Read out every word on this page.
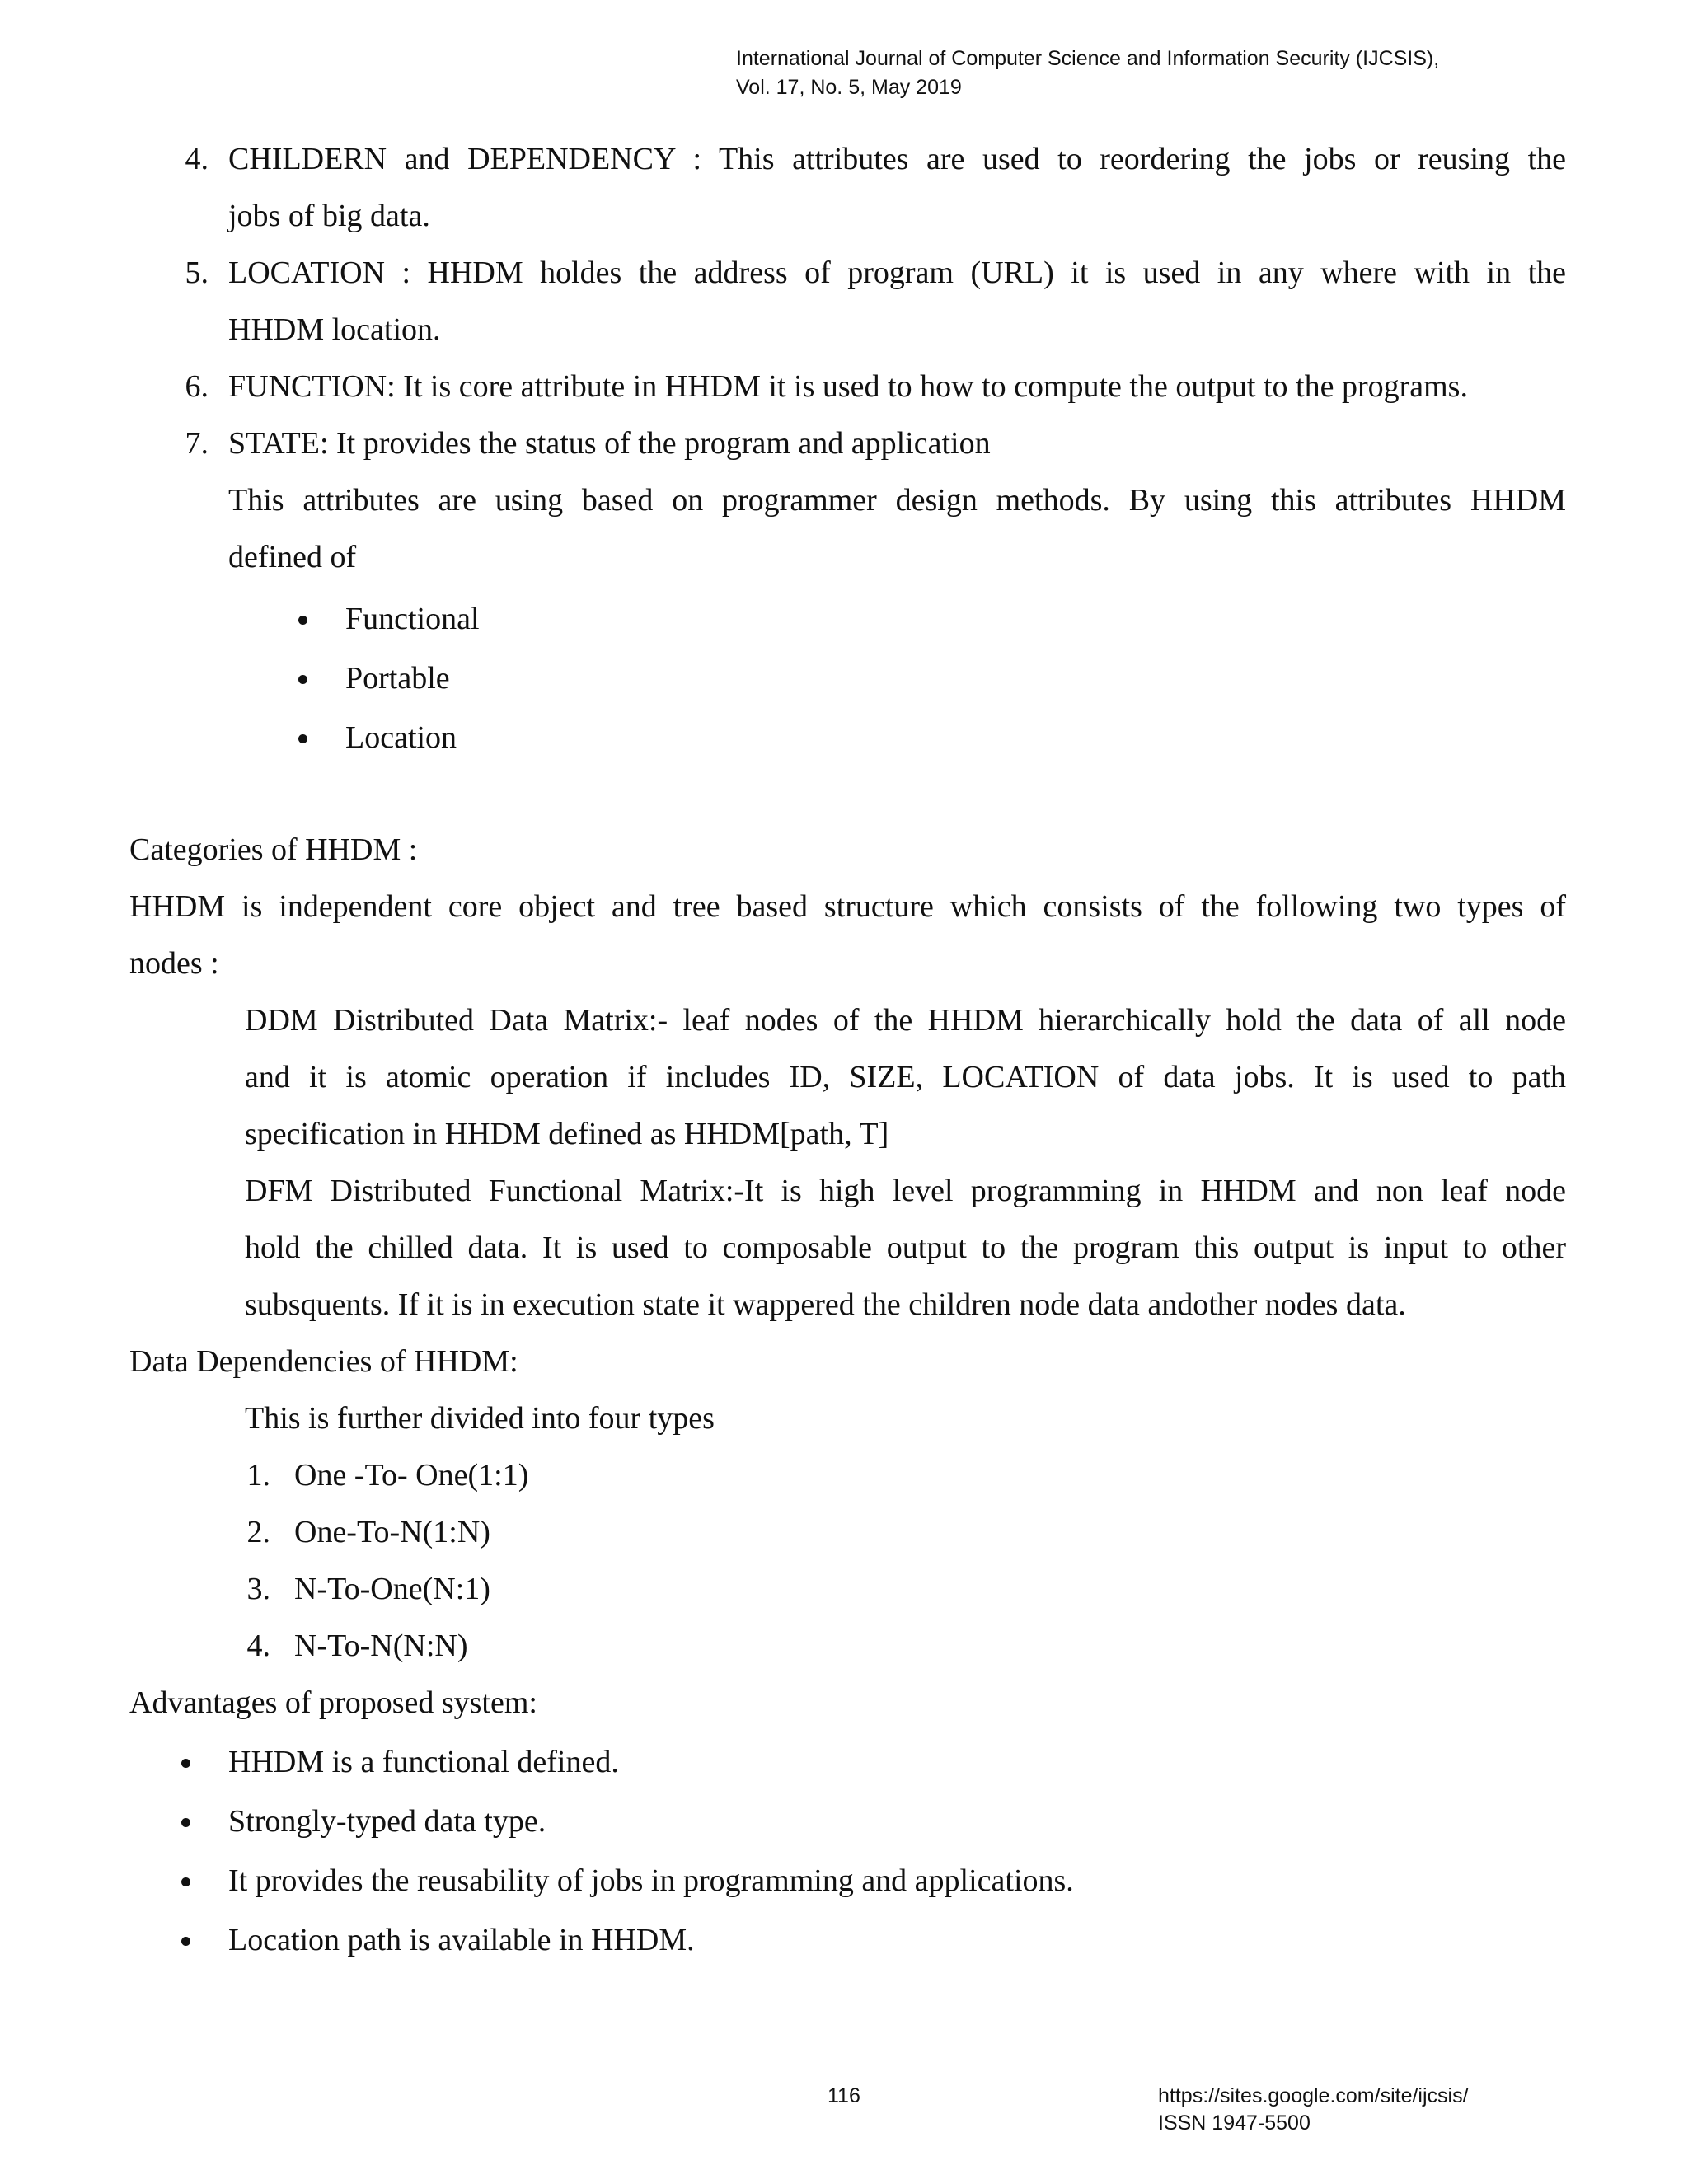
International Journal of Computer Science and Information Security (IJCSIS),
Vol. 17, No. 5, May 2019
4. CHILDERN and DEPENDENCY : This attributes are used to reordering the jobs or reusing the
jobs of big data.
5. LOCATION : HHDM holdes the address of program (URL) it is used in any where with in the
HHDM location.
6. FUNCTION: It is core attribute in HHDM it is used to how to compute the output to the programs.
7. STATE: It provides the status of the program and application
This attributes are using based on programmer design methods. By using this attributes HHDM
defined of
Functional
Portable
Location
Categories of HHDM :
HHDM is independent core object and tree based structure which consists of the following two types of
nodes :
DDM Distributed Data Matrix:- leaf nodes of the HHDM hierarchically hold the data of all node
and it is atomic operation if includes ID, SIZE, LOCATION of data jobs. It is used to path
specification in HHDM defined as HHDM[path, T]
DFM Distributed Functional Matrix:-It is high level programming in HHDM and non leaf node
hold the chilled data. It is used to composable output to the program this output is input to other
subsquents. If it is in execution state it wappered the children node data andother nodes data.
Data Dependencies of HHDM:
This is further divided into four types
1. One -To- One(1:1)
2. One-To-N(1:N)
3. N-To-One(N:1)
4. N-To-N(N:N)
Advantages of proposed system:
HHDM is a functional defined.
Strongly-typed data type.
It provides the reusability of jobs in programming and applications.
Location path is available in HHDM.
116	https://sites.google.com/site/ijcsis/
ISSN 1947-5500
